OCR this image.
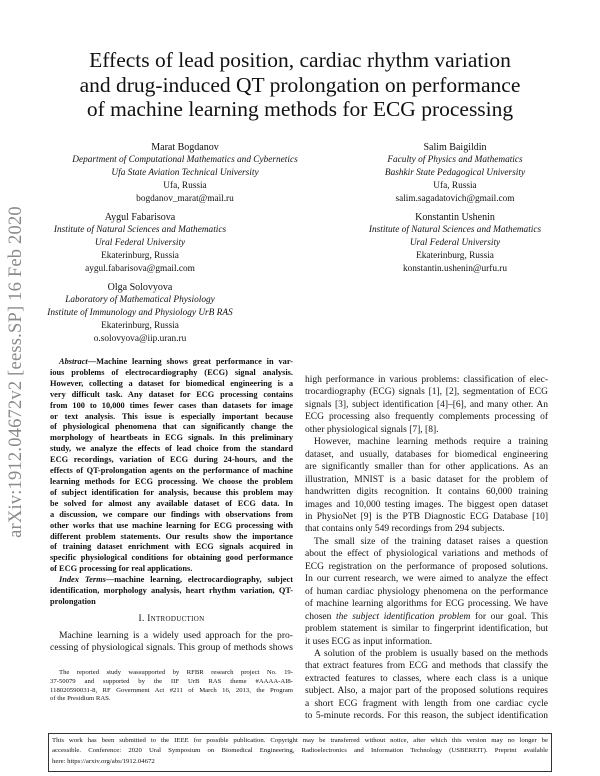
arXiv:1912.04672v2 [eess.SP] 16 Feb 2020
Effects of lead position, cardiac rhythm variation
and drug-induced QT prolongation on performance
of machine learning methods for ECG processing
Marat Bogdanov
Department of Computational Mathematics and Cybernetics
Ufa State Aviation Technical University
Ufa, Russia
bogdanov_marat@mail.ru
Salim Baigildin
Faculty of Physics and Mathematics
Bashkir State Pedagogical University
Ufa, Russia
salim.sagadatovich@gmail.com
Aygul Fabarisova
Institute of Natural Sciences and Mathematics
Ural Federal University
Ekaterinburg, Russia
aygul.fabarisova@gmail.com
Konstantin Ushenin
Institute of Natural Sciences and Mathematics
Ural Federal University
Ekaterinburg, Russia
konstantin.ushenin@urfu.ru
Olga Solovyova
Laboratory of Mathematical Physiology
Institute of Immunology and Physiology UrB RAS
Ekaterinburg, Russia
o.solovyova@iip.uran.ru
Abstract—Machine learning shows great performance in var-
ious problems of electrocardiography (ECG) signal analysis.
However, collecting a dataset for biomedical engineering is a
very difficult task. Any dataset for ECG processing contains
from 100 to 10,000 times fewer cases than datasets for image
or text analysis. This issue is especially important because
of physiological phenomena that can significantly change the
morphology of heartbeats in ECG signals. In this preliminary
study, we analyze the effects of lead choice from the standard
ECG recordings, variation of ECG during 24-hours, and the
effects of QT-prolongation agents on the performance of machine
learning methods for ECG processing. We choose the problem
of subject identification for analysis, because this problem may
be solved for almost any available dataset of ECG data. In
a discussion, we compare our findings with observations from
other works that use machine learning for ECG processing with
different problem statements. Our results show the importance
of training dataset enrichment with ECG signals acquired in
specific physiological conditions for obtaining good performance
of ECG processing for real applications.
Index Terms—machine learning, electrocardiography, subject
identification, morphology analysis, heart rhythm variation, QT-
prolongation
I. Introduction
Machine learning is a widely used approach for the pro-
cessing of physiological signals. This group of methods shows
The reported study wassupported by RFBR research project No. 19-
37-50079 and supported by the IIF UrB RAS theme #AAAA-AI8-
118020590031-8, RF Government Act #211 of March 16, 2013, the Program
of the Presidium RAS.
high performance in various problems: classification of elec-
trocardiography (ECG) signals [1], [2], segmentation of ECG
signals [3], subject identification [4]–[6], and many other. An
ECG processing also frequently complements processing of
other physiological signals [7], [8].
However, machine learning methods require a training
dataset, and usually, databases for biomedical engineering
are significantly smaller than for other applications. As an
illustration, MNIST is a basic dataset for the problem of
handwritten digits recognition. It contains 60,000 training
images and 10,000 testing images. The biggest open dataset
in PhysioNet [9] is the PTB Diagnostic ECG Database [10]
that contains only 549 recordings from 294 subjects.
The small size of the training dataset raises a question
about the effect of physiological variations and methods of
ECG registration on the performance of proposed solutions.
In our current research, we were aimed to analyze the effect
of human cardiac physiology phenomena on the performance
of machine learning algorithms for ECG processing. We have
chosen the subject identification problem for our goal. This
problem statement is similar to fingerprint identification, but
it uses ECG as input information.
A solution of the problem is usually based on the methods
that extract features from ECG and methods that classify the
extracted features to classes, where each class is a unique
subject. Also, a major part of the proposed solutions requires
a short ECG fragment with length from one cardiac cycle
to 5-minute records. For this reason, the subject identification
This work has been submitted to the IEEE for possible publication. Copyright may be transferred without notice, after which this version may no longer be
accessible. Conference: 2020 Ural Symposium on Biomedical Engineering, Radioelectronics and Information Technology (USBEREIT). Preprint available
here: https://arxiv.org/abs/1912.04672
